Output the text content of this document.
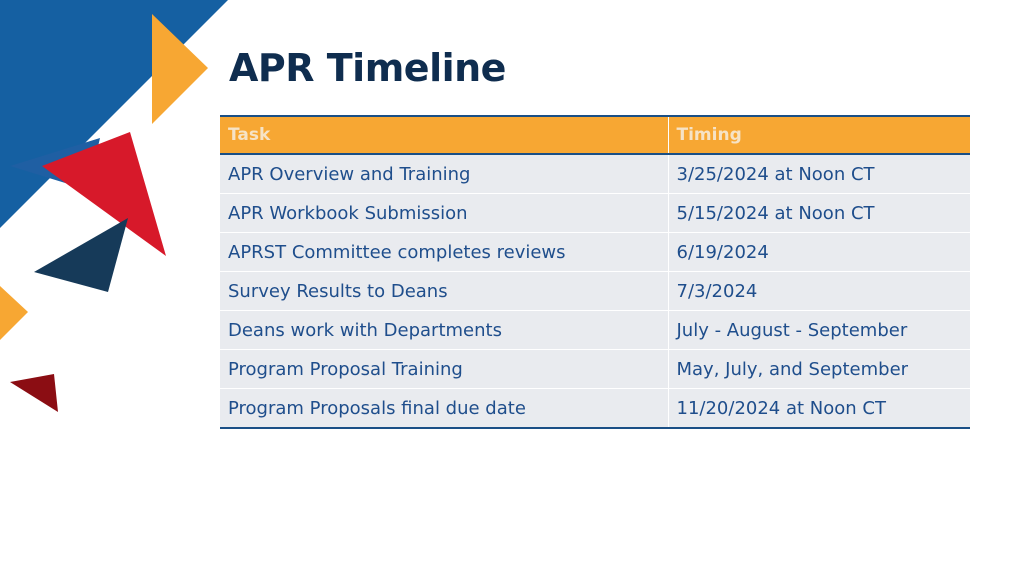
APR Timeline
Task	Timing
APR Overview and Training	3/25/2024 at Noon CT
APR Workbook Submission	5/15/2024 at Noon CT
APRST Committee completes reviews	6/19/2024
Survey Results to Deans	7/3/2024
Deans work with Departments	July - August - September
Program Proposal Training	May, July, and September
Program Proposals final due date	11/20/2024 at Noon CT
